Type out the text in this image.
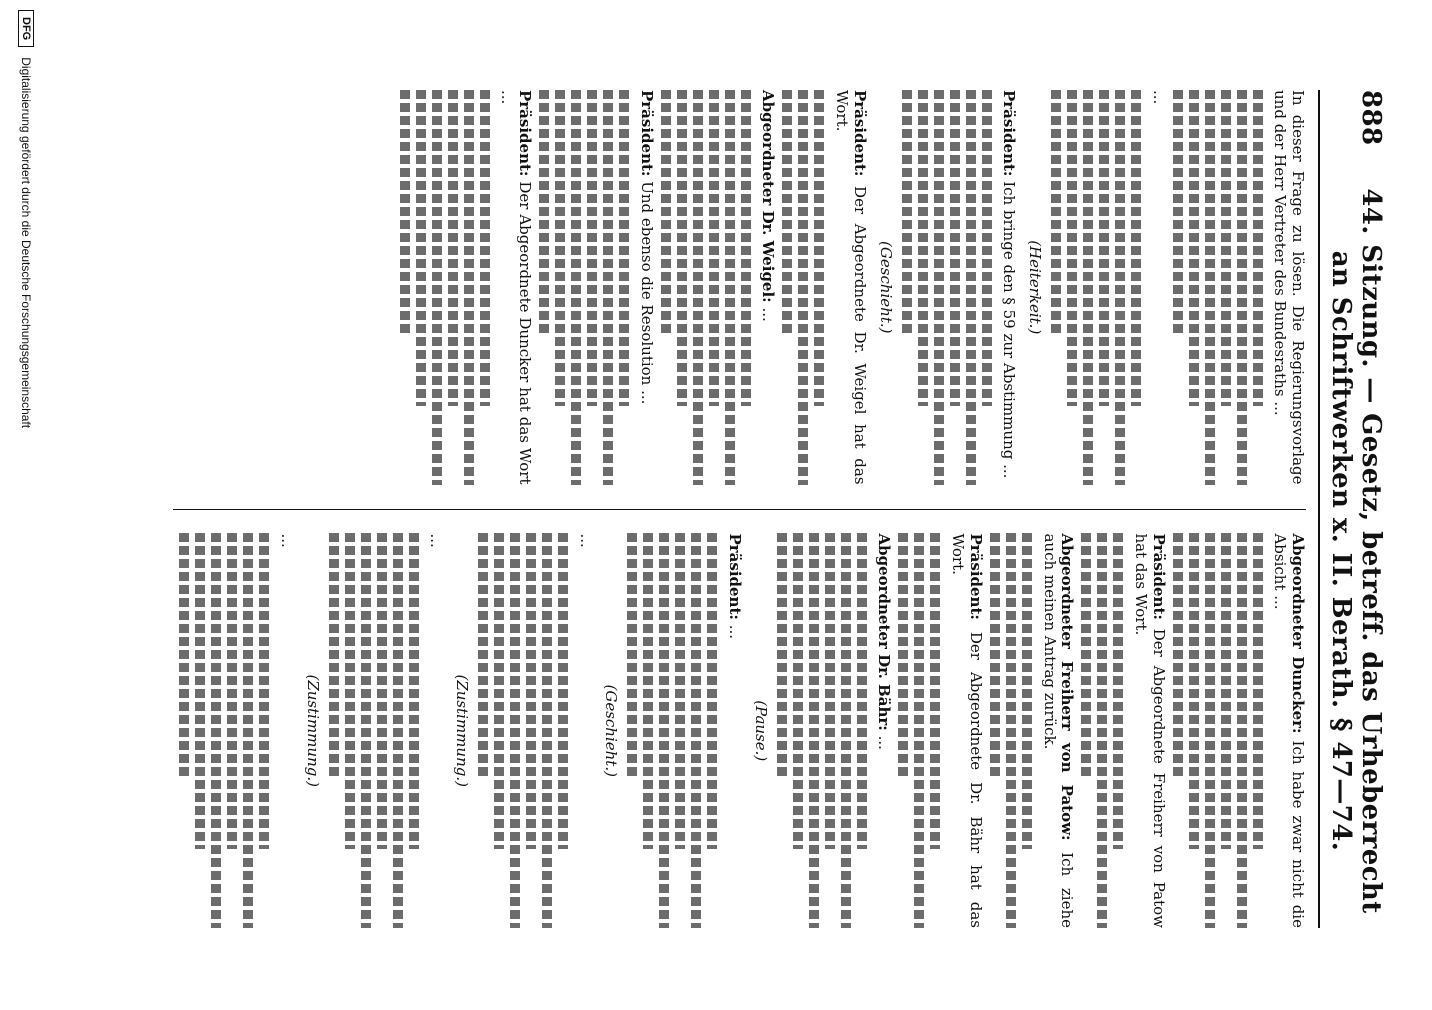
888
44. Sitzung. — Gesetz, betreff. das Urheberrecht an Schriftwerken x. II. Berath. § 47—74.

In dieser Frage zu lösen. Die Regierungsvorlage und der Herr Vertreter des Bundesraths ...

...

(Heiterkeit.)

Präsident: Ich bringe den § 59 zur Abstimmung ...

(Geschieht.)

Präsident: Der Abgeordnete Dr. Weigel hat das Wort.

Abgeordneter Dr. Weigel: ...

Präsident: Und ebenso die Resolution ...

Präsident: Der Abgeordnete Duncker hat das Wort ...

Abgeordneter Duncker: Ich habe zwar nicht die Absicht ...

Präsident: Der Abgeordnete Freiherr von Patow hat das Wort.

Abgeordneter Freiherr von Patow: Ich ziehe auch meinen Antrag zurück.

Präsident: Der Abgeordnete Dr. Bähr hat das Wort.

Abgeordneter Dr. Bähr: ...

(Pause.)

Präsident: ...

(Geschieht.)

...

(Zustimmung.)

...

(Zustimmung.)

...

DFG
Digitalisierung gefördert durch die Deutsche Forschungsgemeinschaft
